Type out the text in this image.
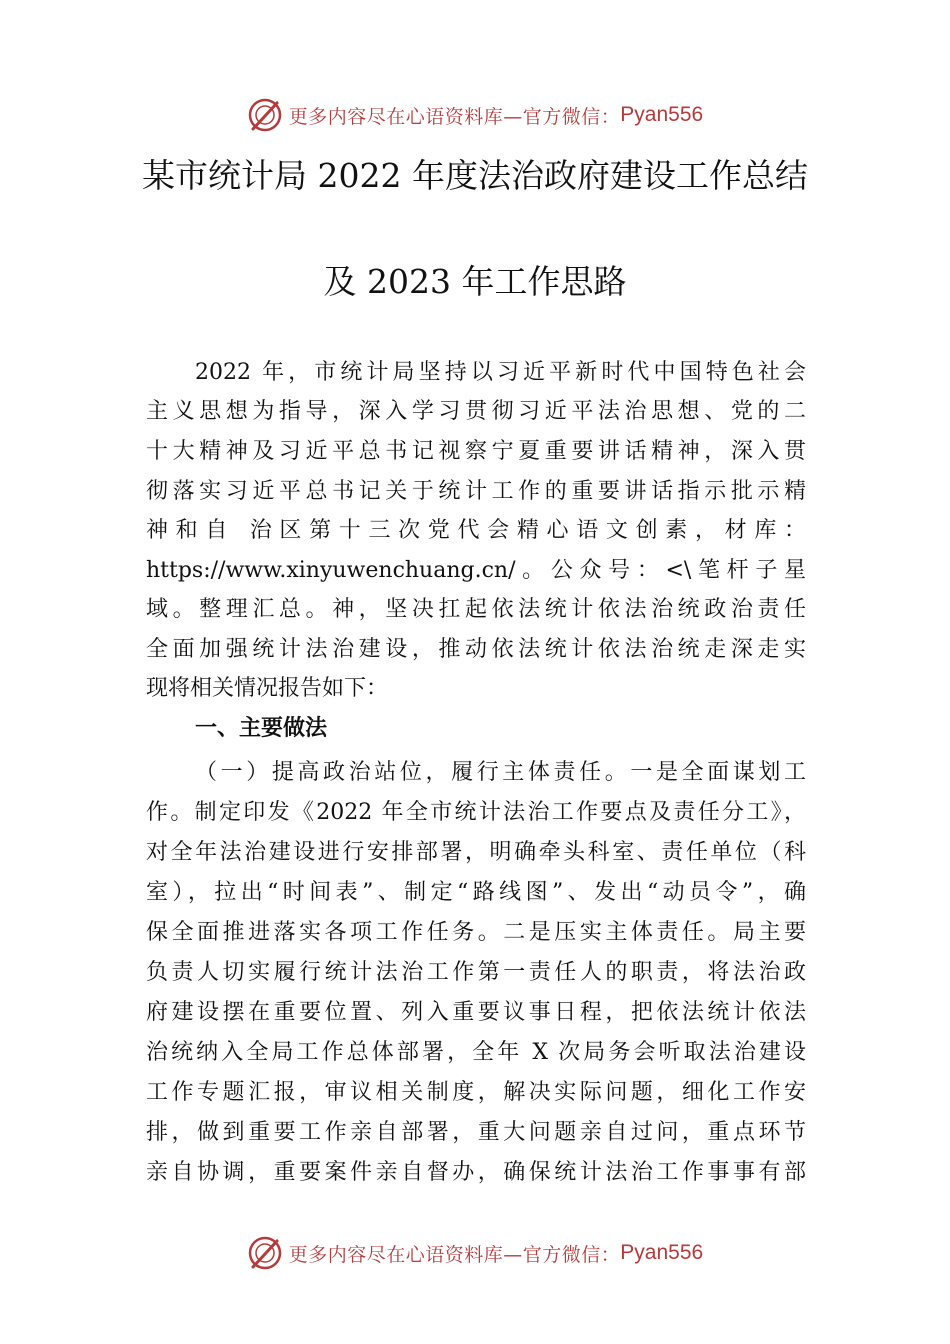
更多内容尽在心语资料库—官方微信： Pyan556
某市统计局 2022 年度法治政府建设工作总结
及 2023 年工作思路
2022 年，市统计局坚持以习近平新时代中国特色社会
主义思想为指导，深入学习贯彻习近平法治思想、党的二
十大精神及习近平总书记视察宁夏重要讲话精神，深入贯
彻落实习近平总书记关于统计工作的重要讲话指示批示精
神和自 治区第十三次党代会精心语文创素，材库：
https://www.xinyuwenchuang.cn/。公众号：<\笔杆子星
域。整理汇总。神，坚决扛起依法统计依法治统政治责任
全面加强统计法治建设，推动依法统计依法治统走深走实
现将相关情况报告如下：
一、主要做法
（一）提高政治站位，履行主体责任。一是全面谋划工
作。制定印发《2022 年全市统计法治工作要点及责任分工》，
对全年法治建设进行安排部署，明确牵头科室、责任单位（科
室），拉出“时间表”、制定“路线图”、发出“动员令”，确
保全面推进落实各项工作任务。二是压实主体责任。局主要
负责人切实履行统计法治工作第一责任人的职责，将法治政
府建设摆在重要位置、列入重要议事日程，把依法统计依法
治统纳入全局工作总体部署，全年 X 次局务会听取法治建设
工作专题汇报，审议相关制度，解决实际问题，细化工作安
排，做到重要工作亲自部署，重大问题亲自过问，重点环节
亲自协调，重要案件亲自督办，确保统计法治工作事事有部
更多内容尽在心语资料库—官方微信： Pyan556
